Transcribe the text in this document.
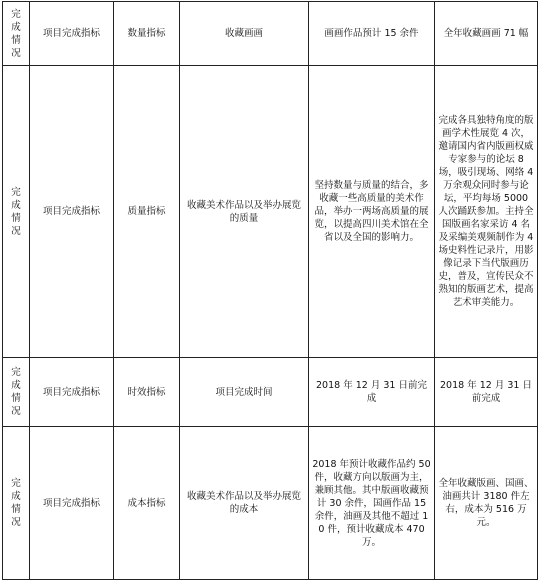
完成情况	项目完成指标	数量指标	收藏画画	画画作品预计 15 余件	全年收藏画画 71 幅
完成情况	项目完成指标	质量指标	收藏美术作品以及举办展览的质量	坚持数量与质量的结合，多收藏一些高质量的美术作品，举办一两场高质量的展览，以提高四川美术馆在全省以及全国的影响力。	完成各具独特角度的版画学术性展览 4 次，邀请国内省内版画权威专家参与的论坛 8 场，吸引现场、网络 4 万余观众同时参与论坛，平均每场 5000 人次踊跃参加。主持全国版画名家采访 4 名及采编美观频制作为 4 场史料性记录片，用影像记录下当代版画历史，普及，宣传民众不熟知的版画艺术，提高艺术审美能力。
完成情况	项目完成指标	时效指标	项目完成时间	2018 年 12 月 31 日前完成	2018 年 12 月 31 日前完成
完成情况	项目完成指标	成本指标	收藏美术作品以及举办展览的成本	2018 年预计收藏作品约 50 件，收藏方向以版画为主，兼顾其他。其中版画收藏预计 30 余件，国画作品 15 余件，油画及其他不超过 10 件，预计收藏成本 470 万。	全年收藏版画、国画、油画共计 3180 件左右，成本为 516 万元。
